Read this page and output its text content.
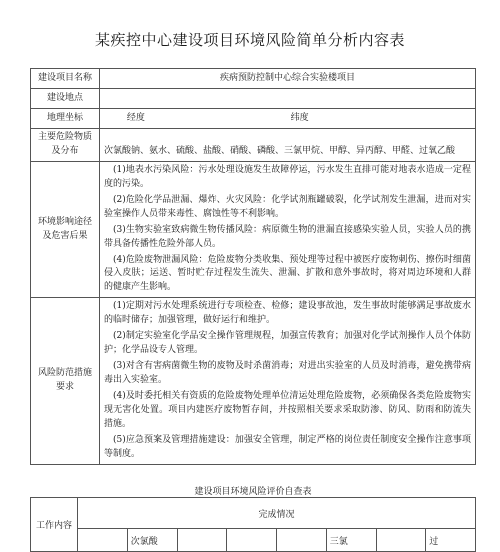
某疾控中心建设项目环境风险简单分析内容表
建设项目名称	疾病预防控制中心综合实验楼项目
建设地点	
地理坐标	经度 纬度
主要危险物质及分布	次氯酸钠、氨水、硫酸、盐酸、硝酸、磷酸、三氯甲烷、甲醇、异丙醇、甲醛、过氧乙酸
环境影响途径及危害后果	(1)地表水污染风险：污水处理设施发生故障停运，污水发生直排可能对地表水造成一定程度的污染。

(2)危险化学品泄漏、爆炸、火灾风险：化学试剂瓶罐破裂，化学试剂发生泄漏，进而对实验室操作人员带来毒性、腐蚀性等不利影响。

(3)生物实验室致病微生物传播风险：病原微生物的泄漏直接感染实验人员，实验人员的携带具备传播性危险外部人员。

(4)危险废物泄漏风险：危险废物分类收集、预处理等过程中被医疗废物刺伤、擦伤时细菌侵入皮肤；运送、暂时贮存过程发生流失、泄漏、扩散和意外事故时，将对周边环境和人群的健康产生影响。

风险防范措施要求	(1)定期对污水处理系统进行专项检查、检修；建设事故池，发生事故时能够满足事故废水的临时储存；加强管理，做好运行和维护。

(2)制定实验室化学品安全操作管理规程，加强宣传教育；加强对化学试剂操作人员个体防护；化学品设专人管理。

(3)对含有害病菌微生物的废物及时杀菌消毒；对进出实验室的人员及时消毒，避免携带病毒出入实验室。

(4)及时委托相关有资质的危险废物处理单位清运处理危险废物，必须确保各类危险废物实现无害化处置。项目内建医疗废物暂存间，并按照相关要求采取防渗、防风、防雨和防流失措施。

(5)应急预案及管理措施建设：加强安全管理，制定严格的岗位责任制度安全操作注意事项等制度。

建设项目环境风险评价自查表
工作内容	完成情况							
		次氯酸				三氯		过
